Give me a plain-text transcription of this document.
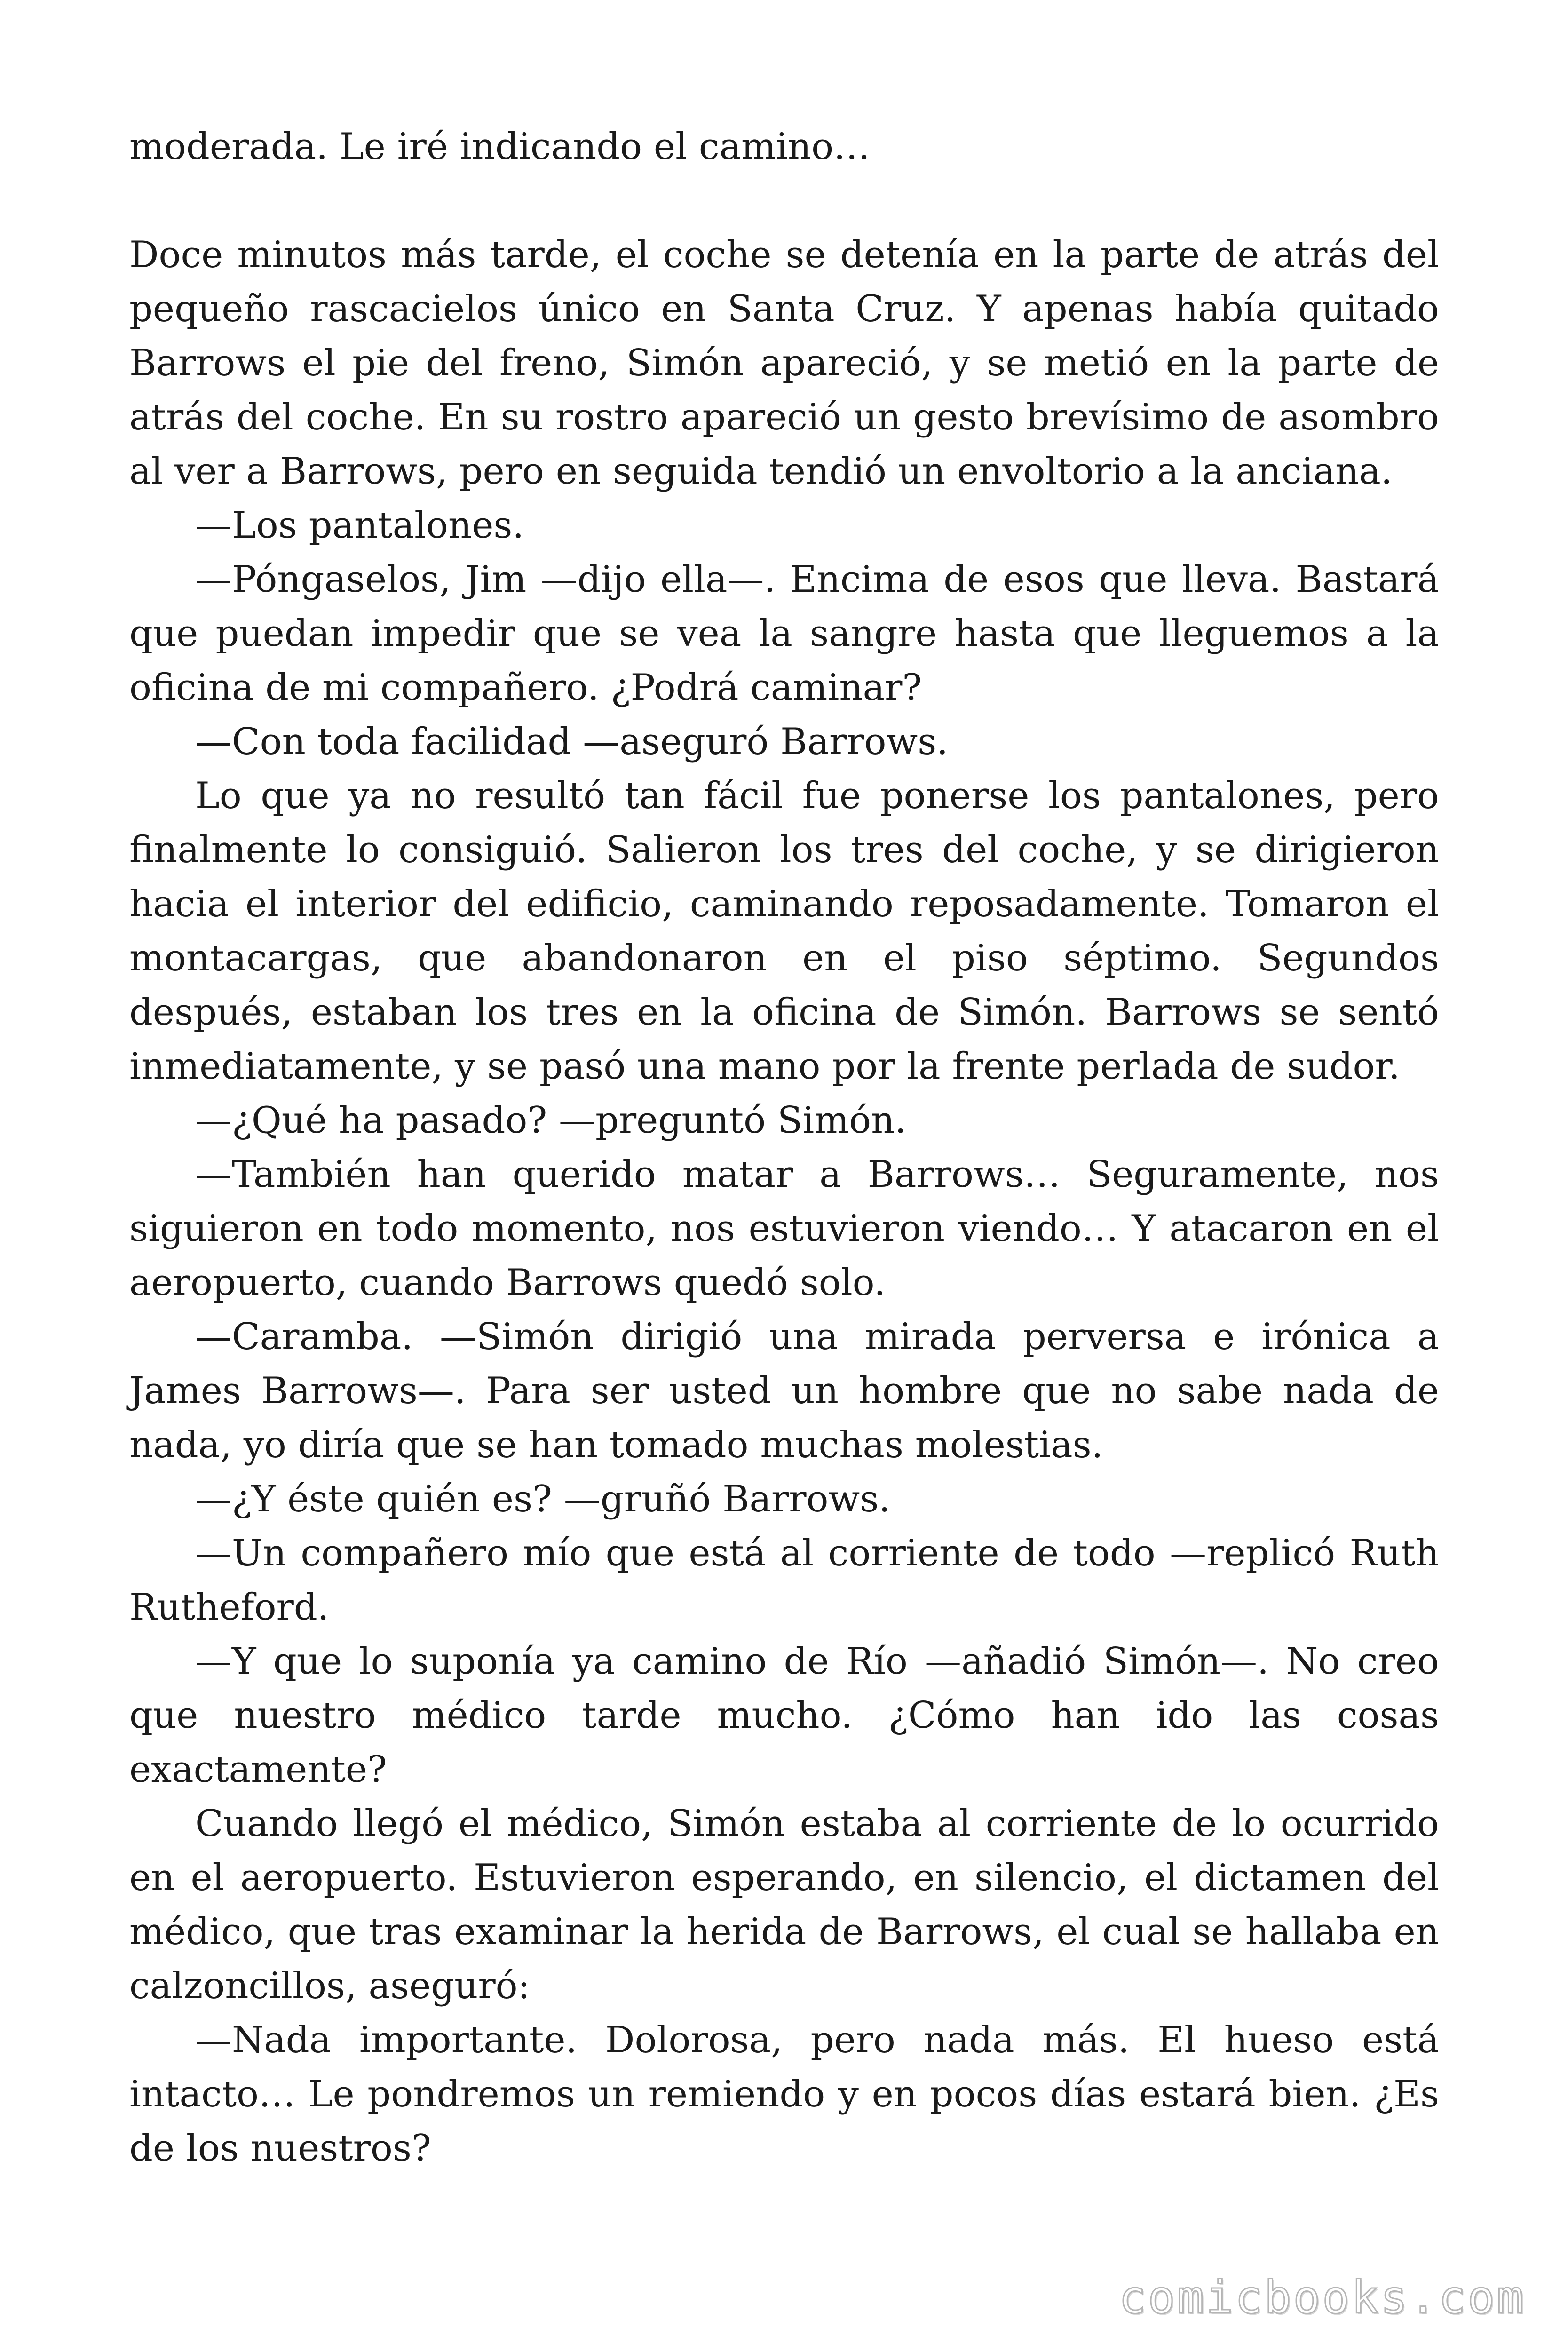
moderada. Le iré indicando el camino…

Doce minutos más tarde, el coche se detenía en la parte de atrás del pequeño rascacielos único en Santa Cruz. Y apenas había quitado Barrows el pie del freno, Simón apareció, y se metió en la parte de atrás del coche. En su rostro apareció un gesto brevísimo de asombro al ver a Barrows, pero en seguida tendió un envoltorio a la anciana.

—Los pantalones.

—Póngaselos, Jim —dijo ella—. Encima de esos que lleva. Bastará que puedan impedir que se vea la sangre hasta que lleguemos a la oficina de mi compañero. ¿Podrá caminar?

—Con toda facilidad —aseguró Barrows.

Lo que ya no resultó tan fácil fue ponerse los pantalones, pero finalmente lo consiguió. Salieron los tres del coche, y se dirigieron hacia el interior del edificio, caminando reposadamente. Tomaron el montacargas, que abandonaron en el piso séptimo. Segundos después, estaban los tres en la oficina de Simón. Barrows se sentó inmediatamente, y se pasó una mano por la frente perlada de sudor.

—¿Qué ha pasado? —preguntó Simón.

—También han querido matar a Barrows… Seguramente, nos siguieron en todo momento, nos estuvieron viendo… Y atacaron en el aeropuerto, cuando Barrows quedó solo.

—Caramba. —Simón dirigió una mirada perversa e irónica a James Barrows—. Para ser usted un hombre que no sabe nada de nada, yo diría que se han tomado muchas molestias.

—¿Y éste quién es? —gruñó Barrows.

—Un compañero mío que está al corriente de todo —replicó Ruth Rutheford.

—Y que lo suponía ya camino de Río —añadió Simón—. No creo que nuestro médico tarde mucho. ¿Cómo han ido las cosas exactamente?

Cuando llegó el médico, Simón estaba al corriente de lo ocurrido en el aeropuerto. Estuvieron esperando, en silencio, el dictamen del médico, que tras examinar la herida de Barrows, el cual se hallaba en calzoncillos, aseguró:

—Nada importante. Dolorosa, pero nada más. El hueso está intacto… Le pondremos un remiendo y en pocos días estará bien. ¿Es de los nuestros?

comicbooks.com
